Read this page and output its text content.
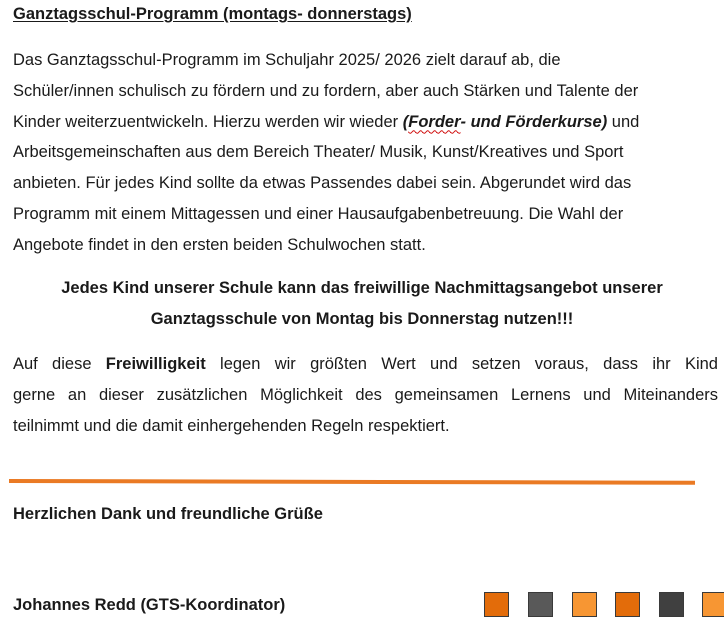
Ganztagsschul-Programm (montags- donnerstags)
Das Ganztagsschul-Programm im Schuljahr 2025/ 2026 zielt darauf ab, die
Schüler/innen schulisch zu fördern und zu fordern, aber auch Stärken und Talente der
Kinder weiterzuentwickeln. Hierzu werden wir wieder (Forder- und Förderkurse) und
Arbeitsgemeinschaften aus dem Bereich Theater/ Musik, Kunst/Kreatives und Sport
anbieten. Für jedes Kind sollte da etwas Passendes dabei sein. Abgerundet wird das
Programm mit einem Mittagessen und einer Hausaufgabenbetreuung. Die Wahl der
Angebote findet in den ersten beiden Schulwochen statt.
Jedes Kind unserer Schule kann das freiwillige Nachmittagsangebot unserer
Ganztagsschule von Montag bis Donnerstag nutzen!!!
Auf diese Freiwilligkeit legen wir größten Wert und setzen voraus, dass ihr Kind
gerne an dieser zusätzlichen Möglichkeit des gemeinsamen Lernens und Miteinanders
teilnimmt und die damit einhergehenden Regeln respektiert.
Herzlichen Dank und freundliche Grüße
Johannes Redd (GTS-Koordinator)
